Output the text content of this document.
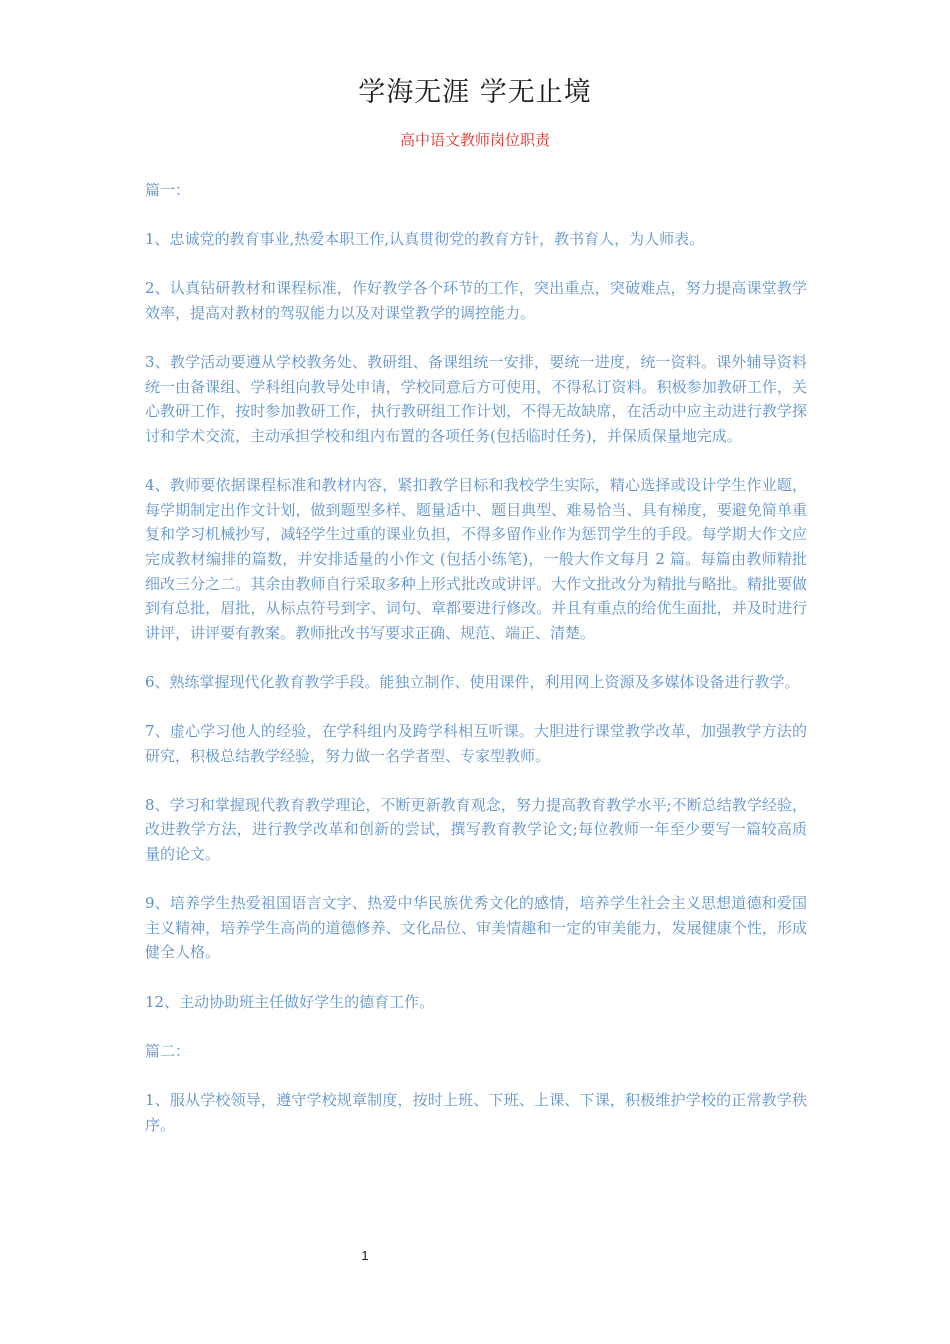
学海无涯 学无止境
高中语文教师岗位职责

篇一：

1、忠诚党的教育事业,热爱本职工作,认真贯彻党的教育方针，教书育人，为人师表。

2、认真钻研教材和课程标准，作好教学各个环节的工作，突出重点，突破难点，努力提高课堂教学效率，提高对教材的驾驭能力以及对课堂教学的调控能力。

3、教学活动要遵从学校教务处、教研组、备课组统一安排，要统一进度，统一资料。课外辅导资料统一由备课组、学科组向教导处申请，学校同意后方可使用，不得私订资料。积极参加教研工作，关心教研工作，按时参加教研工作，执行教研组工作计划，不得无故缺席，在活动中应主动进行教学探讨和学术交流，主动承担学校和组内布置的各项任务(包括临时任务)，并保质保量地完成。

4、教师要依据课程标准和教材内容，紧扣教学目标和我校学生实际，精心选择或设计学生作业题，每学期制定出作文计划，做到题型多样、题量适中、题目典型、难易恰当、具有梯度，要避免简单重复和学习机械抄写，减轻学生过重的课业负担，不得多留作业作为惩罚学生的手段。每学期大作文应完成教材编排的篇数，并安排适量的小作文 (包括小练笔)，一般大作文每月 2 篇。每篇由教师精批细改三分之二。其余由教师自行采取多种上形式批改或讲评。大作文批改分为精批与略批。精批要做到有总批，眉批，从标点符号到字、词句、章都要进行修改。并且有重点的给优生面批，并及时进行讲评，讲评要有教案。教师批改书写要求正确、规范、端正、清楚。

6、熟练掌握现代化教育教学手段。能独立制作、使用课件，利用网上资源及多媒体设备进行教学。

7、虚心学习他人的经验，在学科组内及跨学科相互听课。大胆进行课堂教学改革，加强教学方法的研究，积极总结教学经验，努力做一名学者型、专家型教师。

8、学习和掌握现代教育教学理论，不断更新教育观念，努力提高教育教学水平;不断总结教学经验，改进教学方法，进行教学改革和创新的尝试，撰写教育教学论文;每位教师一年至少要写一篇较高质量的论文。

9、培养学生热爱祖国语言文字、热爱中华民族优秀文化的感情，培养学生社会主义思想道德和爱国主义精神，培养学生高尚的道德修养、文化品位、审美情趣和一定的审美能力，发展健康个性，形成健全人格。

12、主动协助班主任做好学生的德育工作。

篇二：

1、服从学校领导，遵守学校规章制度，按时上班、下班、上课、下课，积极维护学校的正常教学秩序。

1
